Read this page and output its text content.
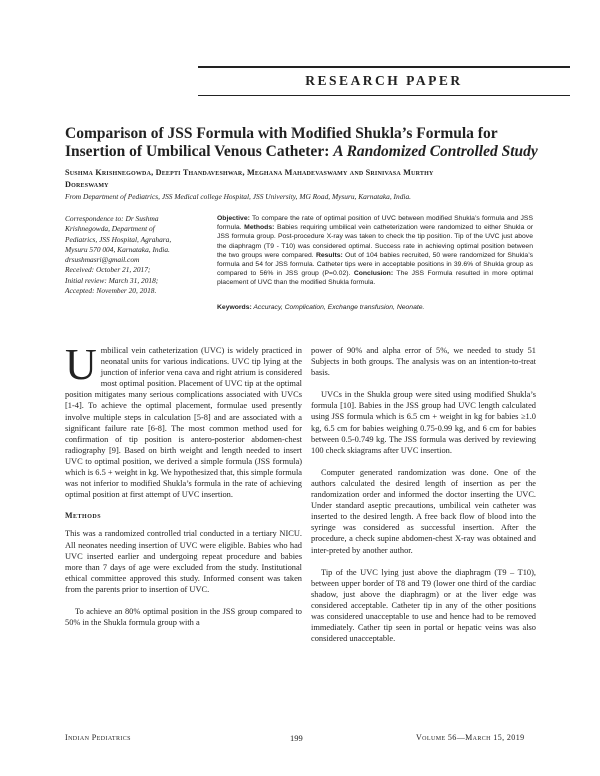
RESEARCH PAPER
Comparison of JSS Formula with Modified Shukla’s Formula for
Insertion of Umbilical Venous Catheter: A Randomized Controlled Study
Sushma Krishnegowda, Deepti Thandaveshwar, Meghana Mahadevaswamy and Srinivasa Murthy
Doreswamy
From Department of Pediatrics, JSS Medical college Hospital, JSS University, MG Road, Mysuru, Karnataka, India.
Correspondence to: Dr Sushma
Krishnegowda, Department of
Pediatrics, JSS Hospital, Agrahara,
Mysuru 570 004, Karnataka, India.
drsushmasri@gmail.com
Received: October 21, 2017;
Initial review: March 31, 2018;
Accepted: November 20, 2018.
Objective: To compare the rate of optimal position of UVC between modified Shukla’s formula and JSS formula. Methods: Babies requiring umbilical vein catheterization were randomized to either Shukla or JSS formula group. Post-procedure X-ray was taken to check the tip position. Tip of the UVC just above the diaphragm (T9 - T10) was considered optimal. Success rate in achieving optimal position between the two groups were compared. Results: Out of 104 babies recruited, 50 were randomized for Shukla’s formula and 54 for JSS formula. Catheter tips were in acceptable positions in 39.6% of Shukla group as compared to 56% in JSS group (P=0.02). Conclusion: The JSS Formula resulted in more optimal placement of UVC than the modified Shukla formula.
Keywords: Accuracy, Complication, Exchange transfusion, Neonate.

Umbilical vein catheterization (UVC) is widely practiced in neonatal units for various indications. UVC tip lying at the junction of inferior vena cava and right atrium is considered most optimal position. Placement of UVC tip at the optimal position mitigates many serious complications associated with UVCs [1-4]. To achieve the optimal placement, formulae used presently involve multiple steps in calculation [5-8] and are associated with a significant failure rate [6-8]. The most common method used for confirmation of tip position is antero-posterior abdomen-chest radiography [9]. Based on birth weight and length needed to insert UVC to optimal position, we derived a simple formula (JSS formula) which is 6.5 + weight in kg. We hypothesized that, this simple formula was not inferior to modified Shukla’s formula in the rate of achieving optimal position at first attempt of UVC insertion.

Methods

This was a randomized controlled trial conducted in a tertiary NICU. All neonates needing insertion of UVC were eligible. Babies who had UVC inserted earlier and undergoing repeat procedure and babies more than 7 days of age were excluded from the study. Institutional ethical committee approved this study. Informed consent was taken from the parents prior to insertion of UVC.

To achieve an 80% optimal position in the JSS group compared to 50% in the Shukla formula group with a

power of 90% and alpha error of 5%, we needed to study 51 Subjects in both groups. The analysis was on an intention-to-treat basis.

UVCs in the Shukla group were sited using modified Shukla’s formula [10]. Babies in the JSS group had UVC length calculated using JSS formula which is 6.5 cm + weight in kg for babies ≥1.0 kg, 6.5 cm for babies weighing 0.75-0.99 kg, and 6 cm for babies between 0.5-0.749 kg. The JSS formula was derived by reviewing 100 check skiagrams after UVC insertion.

Computer generated randomization was done. One of the authors calculated the desired length of insertion as per the randomization order and informed the doctor inserting the UVC. Under standard aseptic precautions, umbilical vein catheter was inserted to the desired length. A free back flow of blood into the syringe was considered as successful insertion. After the procedure, a check supine abdomen-chest X-ray was obtained and inter-preted by another author.

Tip of the UVC lying just above the diaphragm (T9 – T10), between upper border of T8 and T9 (lower one third of the cardiac shadow, just above the diaphragm) or at the liver edge was considered acceptable. Catheter tip in any of the other positions was considered unacceptable to use and hence had to be removed immediately. Cather tip seen in portal or hepatic veins was also considered unacceptable.

Indian Pediatrics	199	Volume 56—March 15, 2019
